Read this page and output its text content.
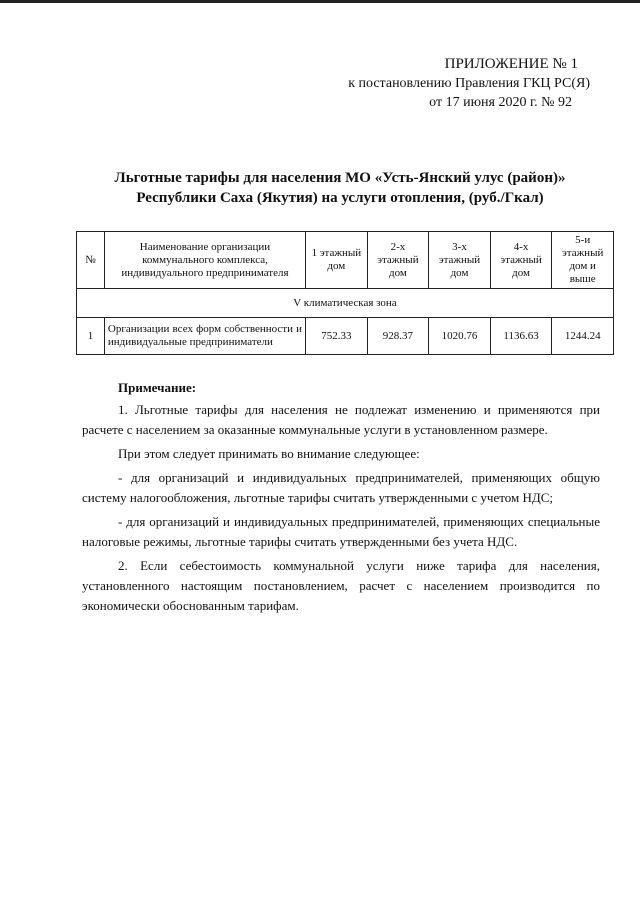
ПРИЛОЖЕНИЕ № 1
к постановлению Правления ГКЦ РС(Я)
от 17 июня 2020 г. № 92
Льготные тарифы для населения МО «Усть-Янский улус (район)»
Республики Саха (Якутия) на услуги отопления, (руб./Гкал)
№	Наименование организации коммунального комплекса, индивидуального предпринимателя	1 этажный дом	2-х этажный дом	3-х этажный дом	4-х этажный дом	5-и этажный дом и выше
V климатическая зона						
1	Организации всех форм собственности и индивидуальные предприниматели	752.33	928.37	1020.76	1136.63	1244.24
Примечание:

1. Льготные тарифы для населения не подлежат изменению и применяются при расчете с населением за оказанные коммунальные услуги в установленном размере.

При этом следует принимать во внимание следующее:

- для организаций и индивидуальных предпринимателей, применяющих общую систему налогообложения, льготные тарифы считать утвержденными с учетом НДС;

- для организаций и индивидуальных предпринимателей, применяющих специальные налоговые режимы, льготные тарифы считать утвержденными без учета НДС.

2. Если себестоимость коммунальной услуги ниже тарифа для населения, установленного настоящим постановлением, расчет с населением производится по экономически обоснованным тарифам.
